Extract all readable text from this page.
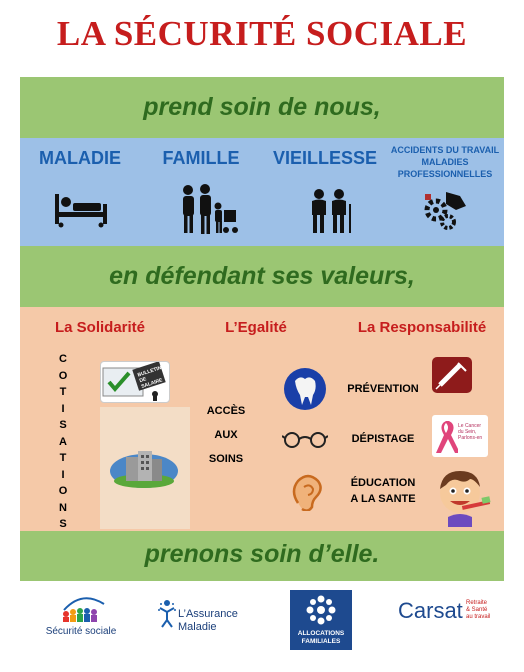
LA SÉCURITÉ SOCIALE
prend soin de nous,
MALADIE	FAMILLE	VIEILLESSE	ACCIDENTS DU TRAVAIL
MALADIES
PROFESSIONNELLES
en défendant ses valeurs,
La Solidarité	L’Egalité	La Responsabilité
C
O
T
I
S
A
T
I
O
N
S
BULLETIN DE SALAIRE
ACCÈS
AUX
SOINS
PRÉVENTION
DÉPISTAGE
ÉDUCATION
A LA SANTE
Le Cancer du Sein, Parlons-en
prenons soin d’elle.
Sécurité sociale
L’Assurance
Maladie
ALLOCATIONS
FAMILIALES
Carsat Retraite
& Santé
au travail
